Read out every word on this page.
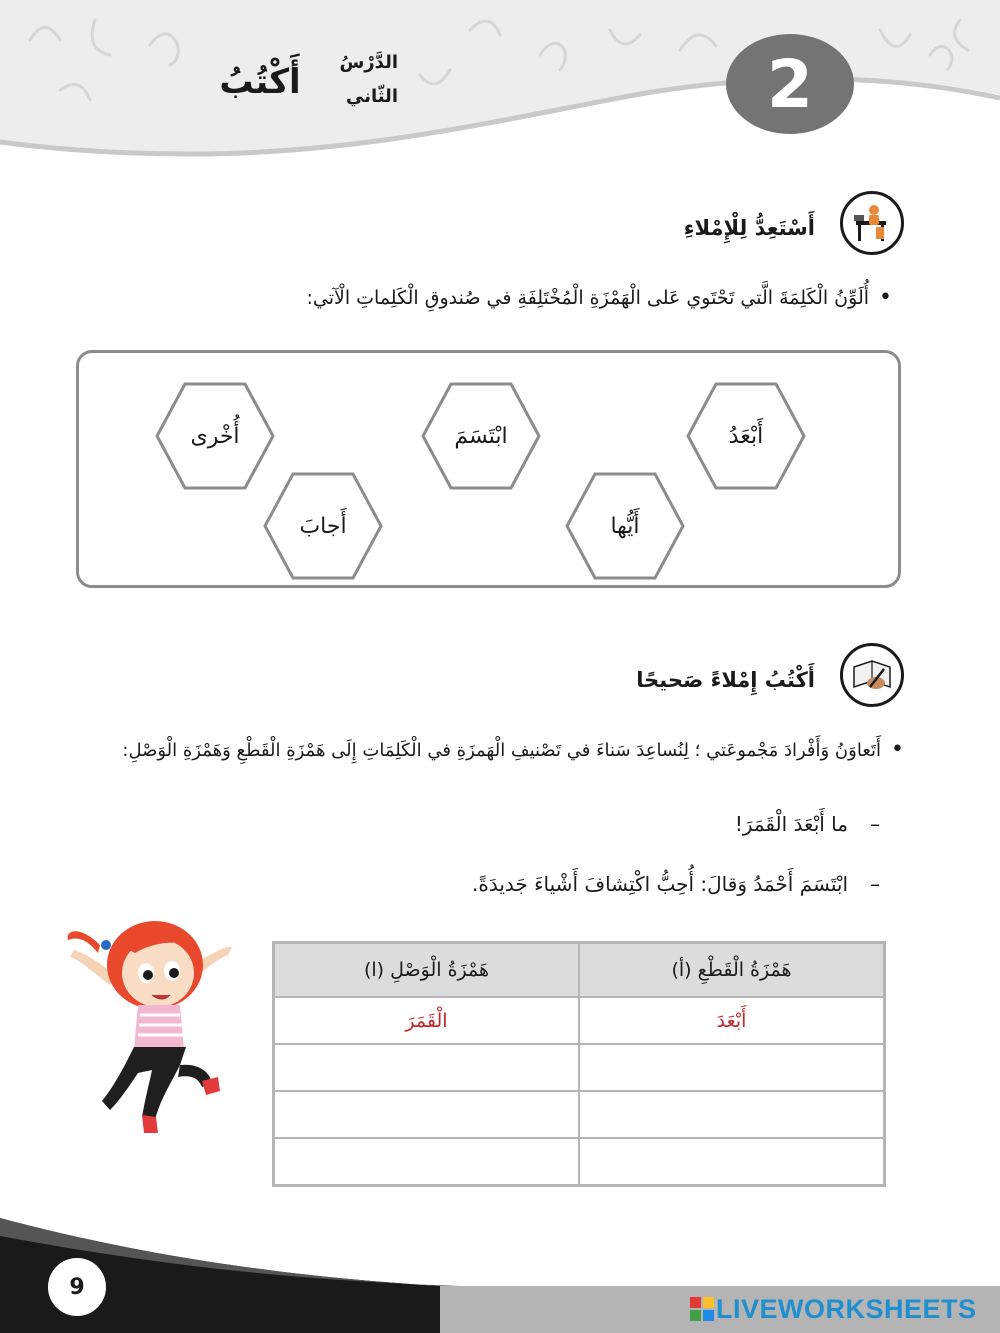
2
الدَّرْسُ
الثّاني
أَكْتُبُ
أَسْتَعِدُّ لِلْإِمْلاءِ
•أُلَوِّنُ الْكَلِمَةَ الَّتي تَحْتَوي عَلى الْهَمْزَةِ الْمُخْتَلِفَةِ في صُندوقِ الْكَلِماتِ الْآتي:
أَبْعَدُ
ابْتَسَمَ
أُخْرى
أَيُّها
أَجابَ
أَكْتُبُ إِمْلاءً صَحيحًا
•أَتَعاوَنُ وَأَفْرادَ مَجْموعَتي ؛ لِنُساعِدَ سَناءَ في تَصْنيفِ الْهَمزَةِ في الْكَلِمَاتِ إِلَى هَمْزَةِ الْقَطْعِ وَهَمْزَةِ الْوَصْلِ:
–ما أَبْعَدَ الْقَمَرَ!
–ابْتَسَمَ أَحْمَدُ وَقالَ: أُحِبُّ اكْتِشافَ أَشْياءَ جَديدَةً.
هَمْزَةُ الْوَصْلِ (ا)	هَمْزَةُ الْقَطْعِ (أ)
الْقَمَرَ	أَبْعَدَ

9
LIVEWORKSHEETS
